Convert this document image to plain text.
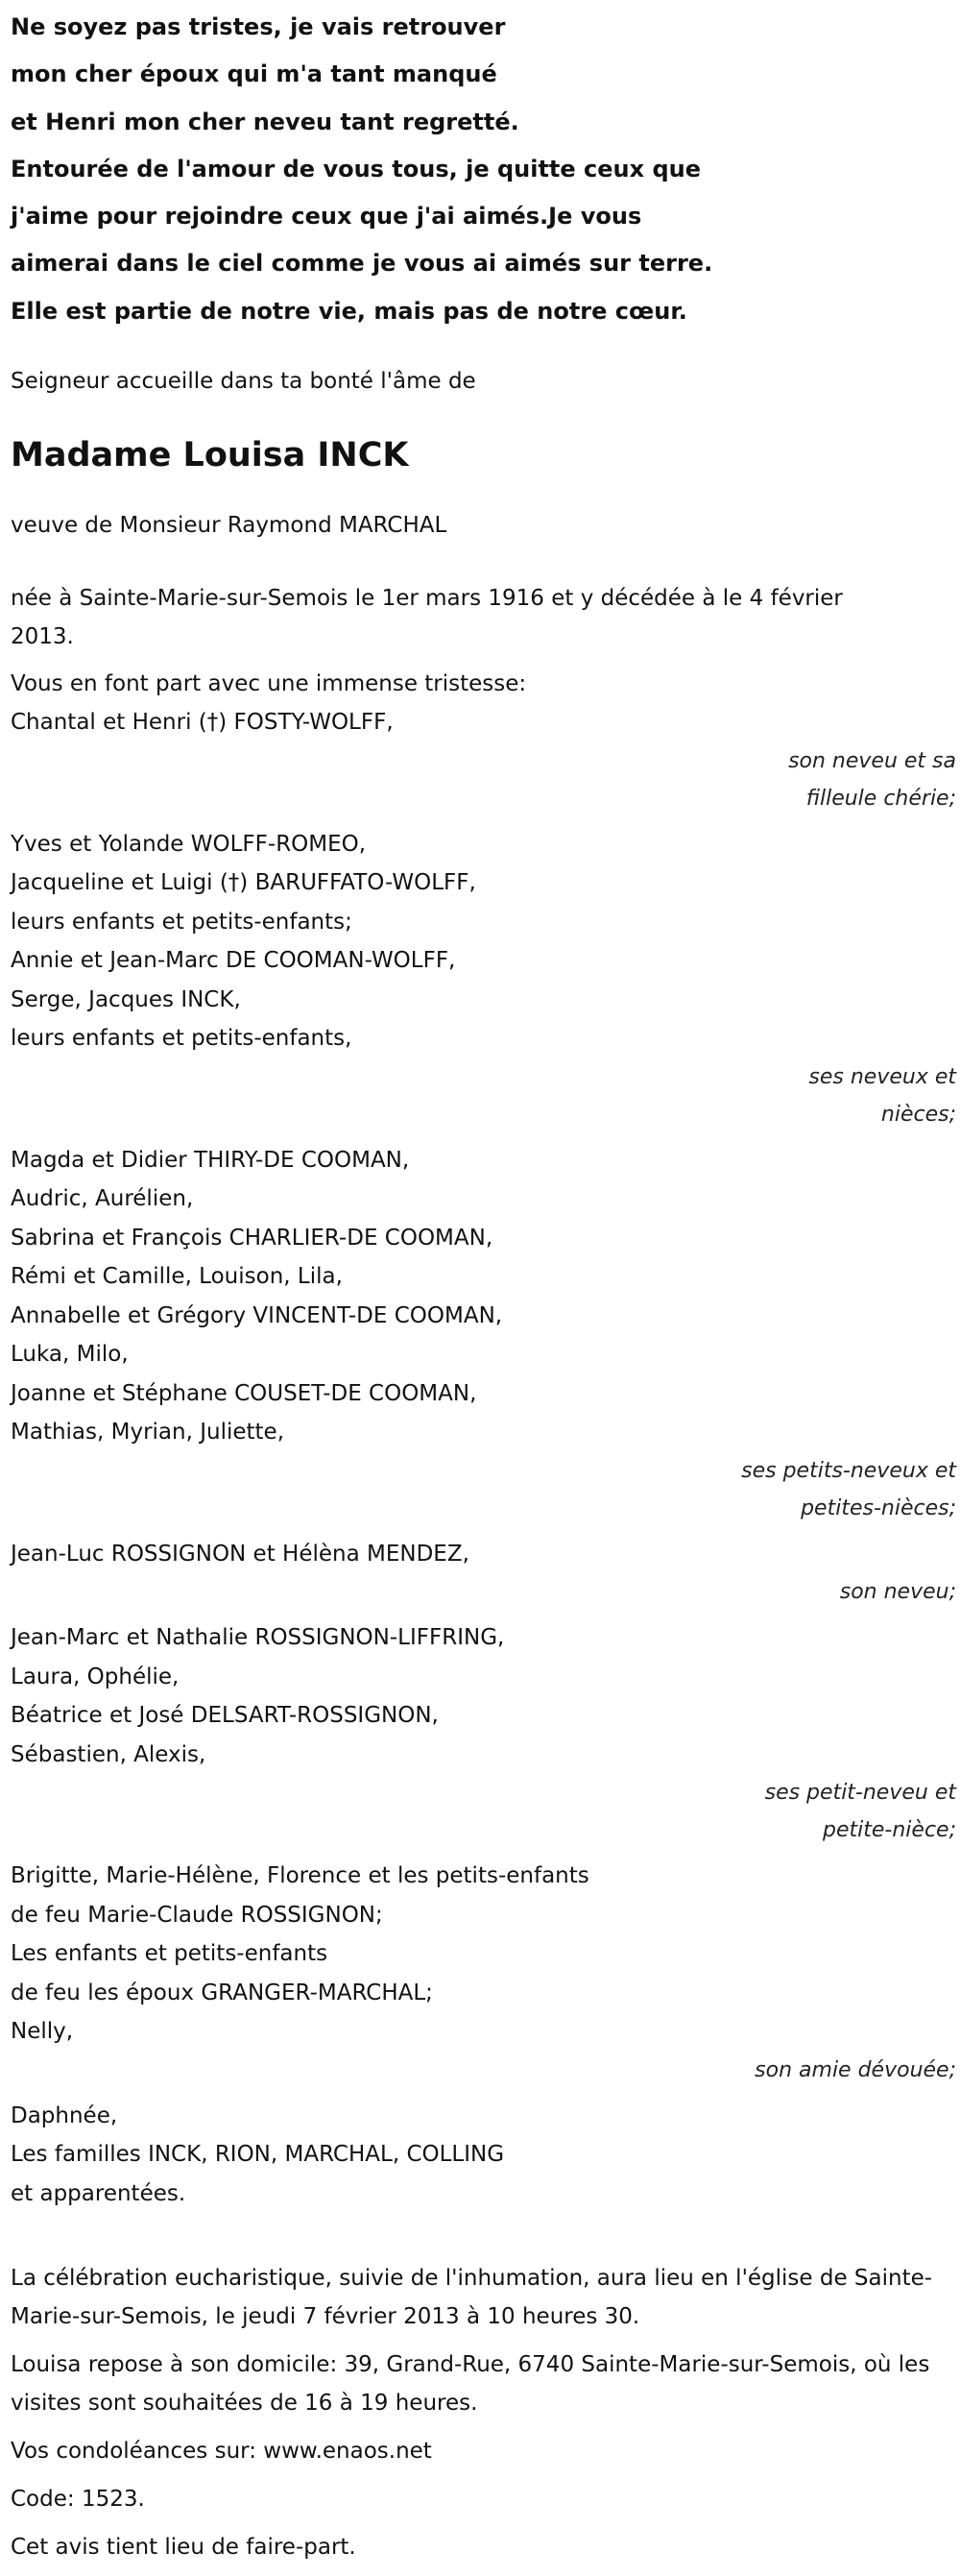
Ne soyez pas tristes, je vais retrouver
mon cher époux qui m'a tant manqué
et Henri mon cher neveu tant regretté.
Entourée de l'amour de vous tous, je quitte ceux que
j'aime pour rejoindre ceux que j'ai aimés.Je vous
aimerai dans le ciel comme je vous ai aimés sur terre.
Elle est partie de notre vie, mais pas de notre cœur.
Seigneur accueille dans ta bonté l'âme de
Madame Louisa INCK
veuve de Monsieur Raymond MARCHAL
née à Sainte-Marie-sur-Semois le 1er mars 1916 et y décédée à le 4 février 2013.
Vous en font part avec une immense tristesse:
Chantal et Henri (†) FOSTY-WOLFF,
son neveu et sa
filleule chérie;
Yves et Yolande WOLFF-ROMEO,
Jacqueline et Luigi (†) BARUFFATO-WOLFF,
leurs enfants et petits-enfants;
Annie et Jean-Marc DE COOMAN-WOLFF,
Serge, Jacques INCK,
leurs enfants et petits-enfants,
ses neveux et
nièces;
Magda et Didier THIRY-DE COOMAN,
Audric, Aurélien,
Sabrina et François CHARLIER-DE COOMAN,
Rémi et Camille, Louison, Lila,
Annabelle et Grégory VINCENT-DE COOMAN,
Luka, Milo,
Joanne et Stéphane COUSET-DE COOMAN,
Mathias, Myrian, Juliette,
ses petits-neveux et
petites-nièces;
Jean-Luc ROSSIGNON et Hélèna MENDEZ,
son neveu;
Jean-Marc et Nathalie ROSSIGNON-LIFFRING,
Laura, Ophélie,
Béatrice et José DELSART-ROSSIGNON,
Sébastien, Alexis,
ses petit-neveu et
petite-nièce;
Brigitte, Marie-Hélène, Florence et les petits-enfants
de feu Marie-Claude ROSSIGNON;
Les enfants et petits-enfants
de feu les époux GRANGER-MARCHAL;
Nelly,
son amie dévouée;
Daphnée,
Les familles INCK, RION, MARCHAL, COLLING
et apparentées.

La célébration eucharistique, suivie de l'inhumation, aura lieu en l'église de Sainte-Marie-sur-Semois, le jeudi 7 février 2013 à 10 heures 30.

Louisa repose à son domicile: 39, Grand-Rue, 6740 Sainte-Marie-sur-Semois, où les visites sont souhaitées de 16 à 19 heures.

Vos condoléances sur: www.enaos.net

Code: 1523.

Cet avis tient lieu de faire-part.
